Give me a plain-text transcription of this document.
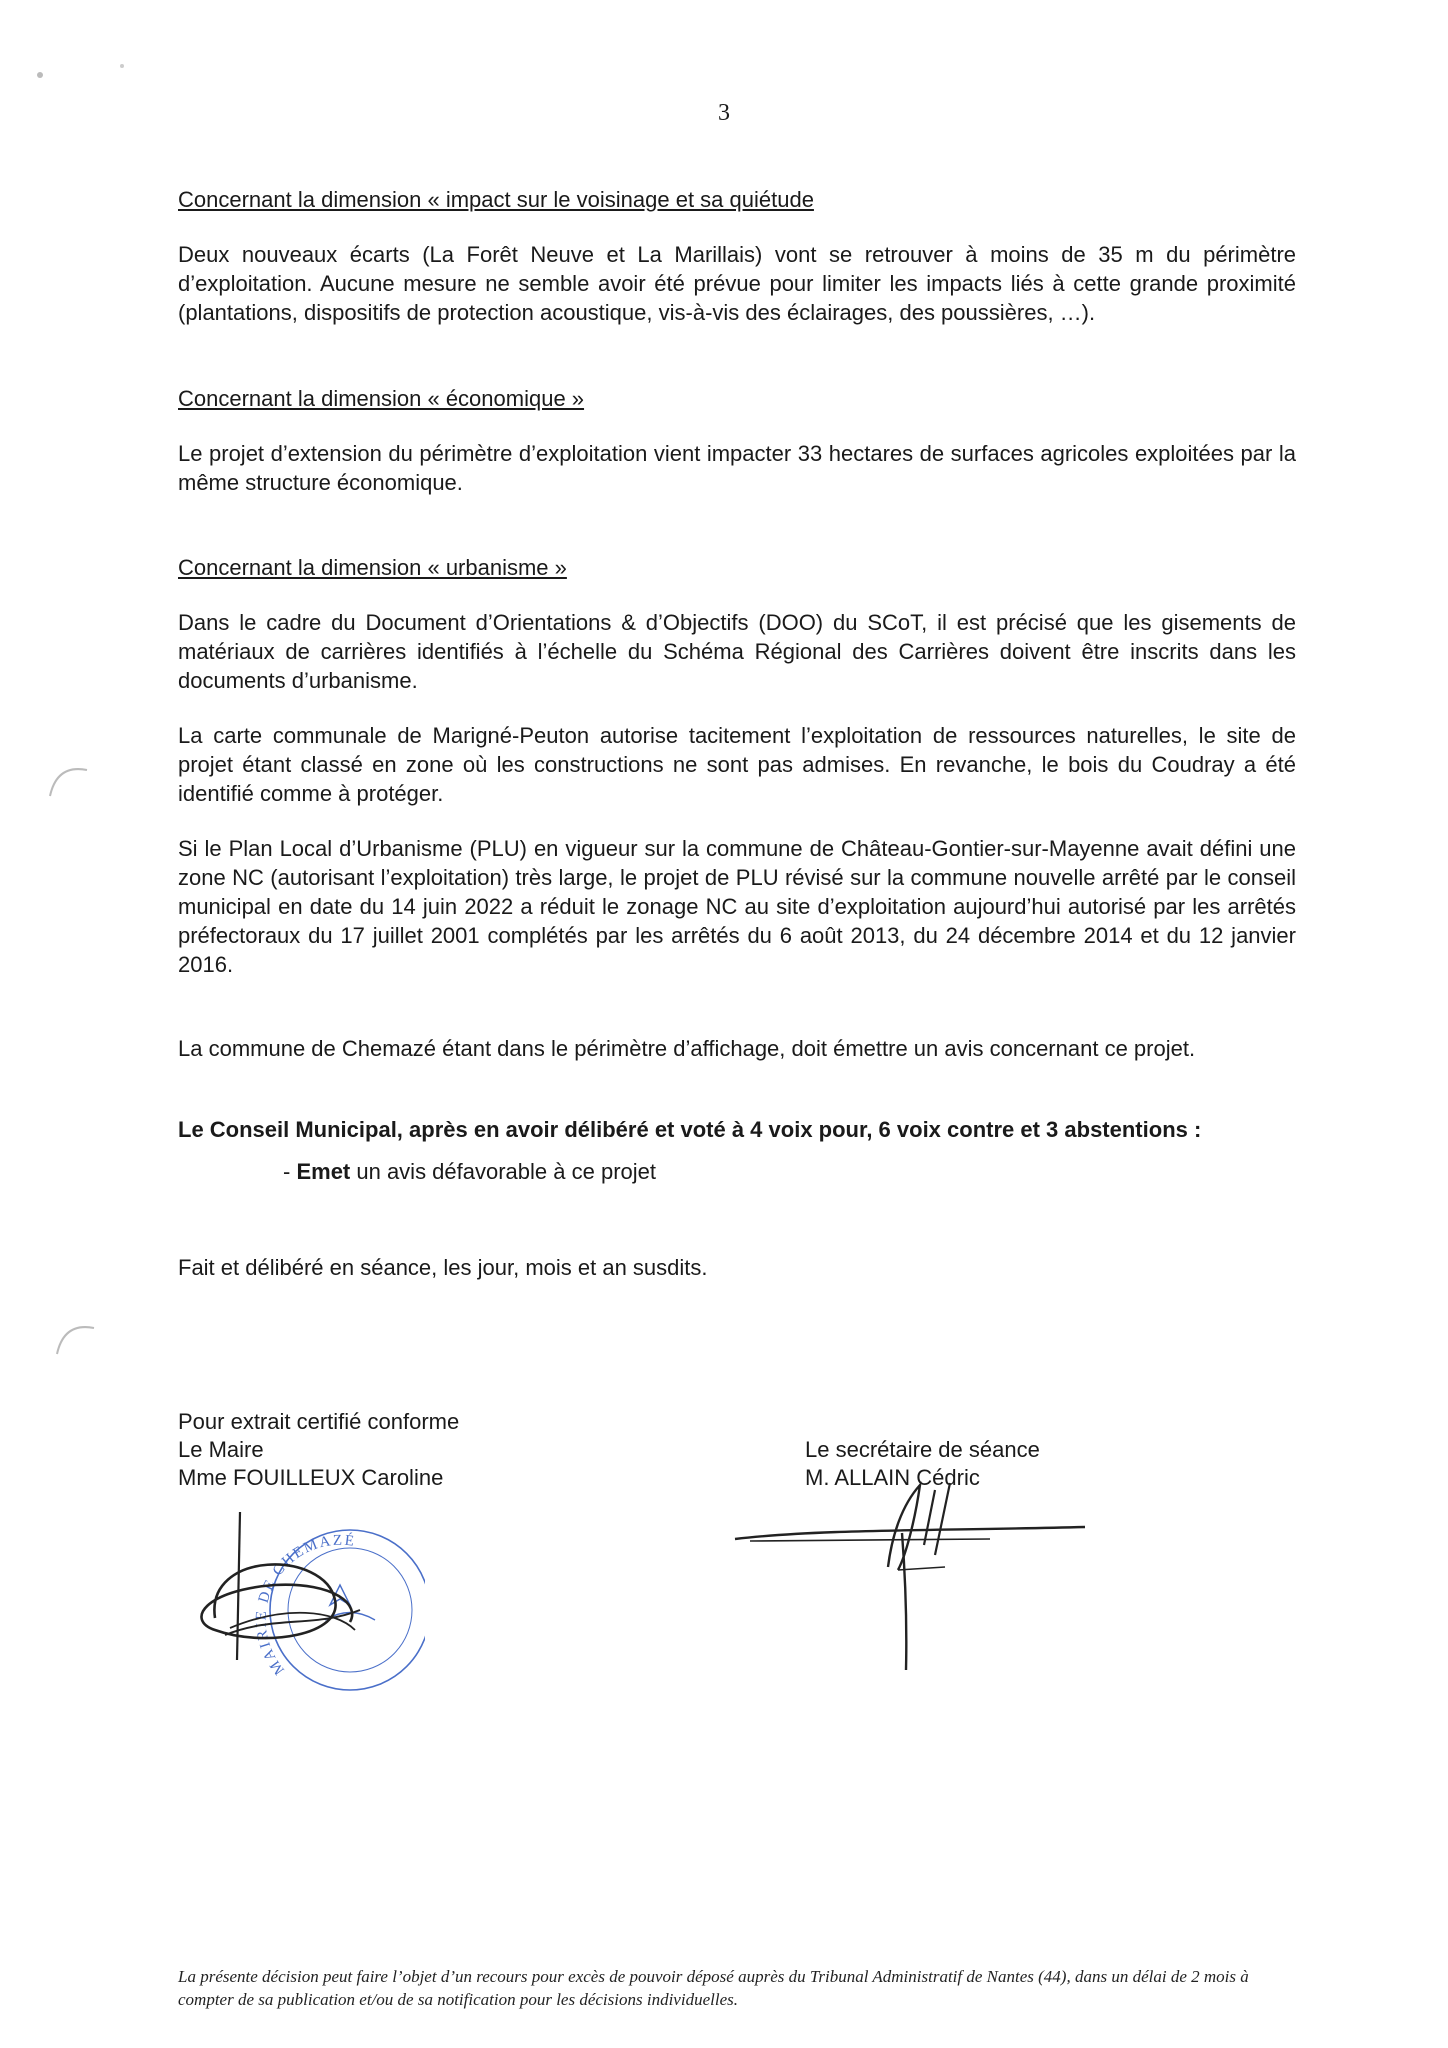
3

Concernant la dimension « impact sur le voisinage et sa quiétude

Deux nouveaux écarts (La Forêt Neuve et La Marillais) vont se retrouver à moins de 35 m du périmètre d’exploitation. Aucune mesure ne semble avoir été prévue pour limiter les impacts liés à cette grande proximité (plantations, dispositifs de protection acoustique, vis-à-vis des éclairages, des poussières, …).

Concernant la dimension « économique »

Le projet d’extension du périmètre d’exploitation vient impacter 33 hectares de surfaces agricoles exploitées par la même structure économique.

Concernant la dimension « urbanisme »

Dans le cadre du Document d’Orientations & d’Objectifs (DOO) du SCoT, il est précisé que les gisements de matériaux de carrières identifiés à l’échelle du Schéma Régional des Carrières doivent être inscrits dans les documents d’urbanisme.

La carte communale de Marigné-Peuton autorise tacitement l’exploitation de ressources naturelles, le site de projet étant classé en zone où les constructions ne sont pas admises. En revanche, le bois du Coudray a été identifié comme à protéger.

Si le Plan Local d’Urbanisme (PLU) en vigueur sur la commune de Château-Gontier-sur-Mayenne avait défini une zone NC (autorisant l’exploitation) très large, le projet de PLU révisé sur la commune nouvelle arrêté par le conseil municipal en date du 14 juin 2022 a réduit le zonage NC au site d’exploitation aujourd’hui autorisé par les arrêtés préfectoraux du 17 juillet 2001 complétés par les arrêtés du 6 août 2013, du 24 décembre 2014 et du 12 janvier 2016.

La commune de Chemazé étant dans le périmètre d’affichage, doit émettre un avis concernant ce projet.

Le Conseil Municipal, après en avoir délibéré et voté à 4 voix pour, 6 voix contre et 3 abstentions :

- Emet un avis défavorable à ce projet

Fait et délibéré en séance, les jour, mois et an susdits.

Pour extrait certifié conforme
Le Maire
Mme FOUILLEUX Caroline
Le secrétaire de séance
M. ALLAIN Cédric
MAIRIE DE CHEMAZÉ
La présente décision peut faire l’objet d’un recours pour excès de pouvoir déposé auprès du Tribunal Administratif de Nantes (44), dans un délai de 2 mois à compter de sa publication et/ou de sa notification pour les décisions individuelles.
